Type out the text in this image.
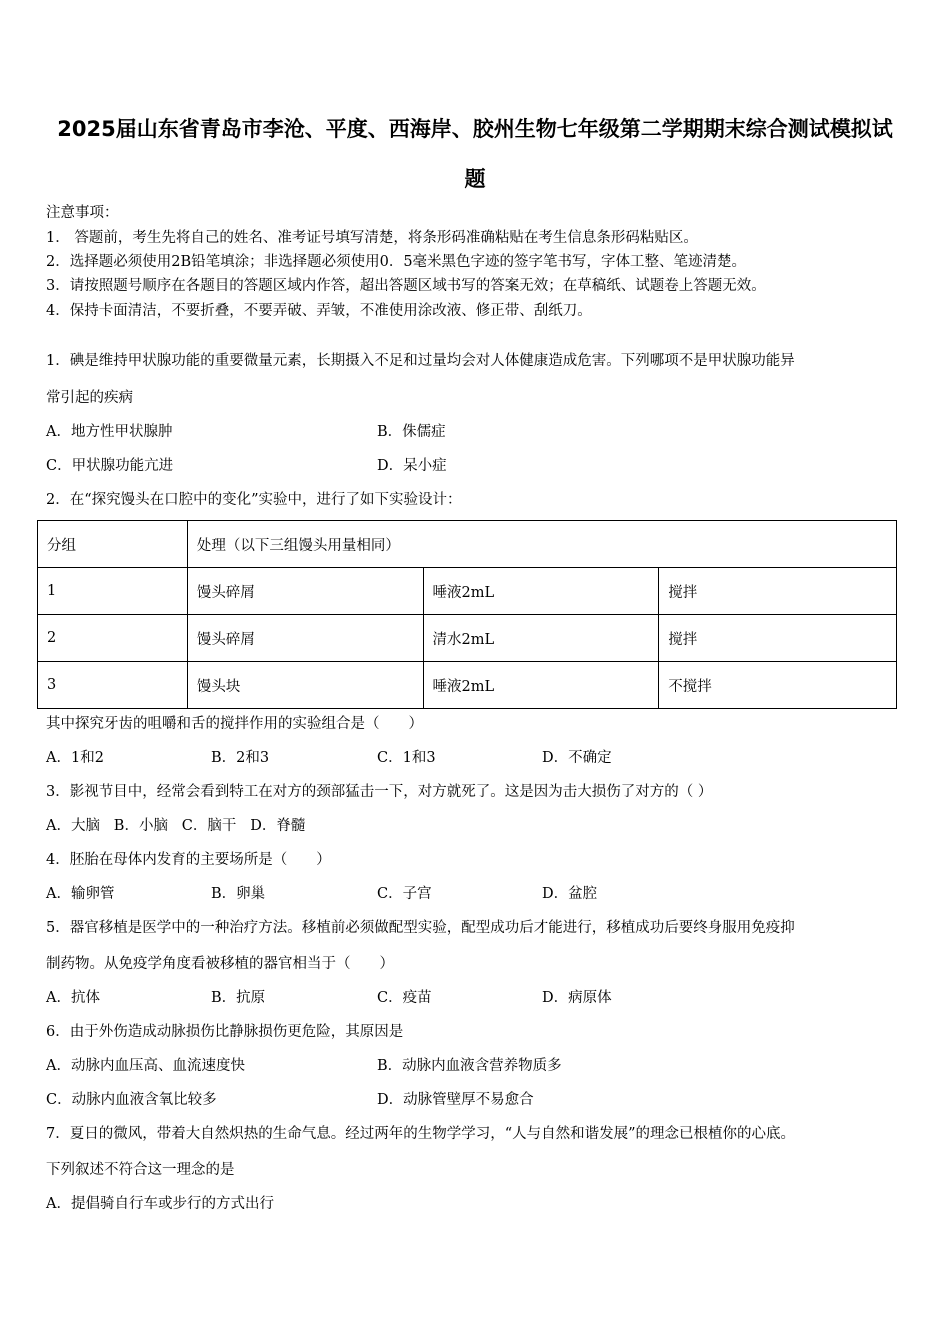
2025届山东省青岛市李沧、平度、西海岸、胶州生物七年级第二学期期末综合测试模拟试
题
注意事项：
1． 答题前，考生先将自己的姓名、准考证号填写清楚，将条形码准确粘贴在考生信息条形码粘贴区。
2．选择题必须使用2B铅笔填涂；非选择题必须使用0．5毫米黑色字迹的签字笔书写，字体工整、笔迹清楚。
3．请按照题号顺序在各题目的答题区域内作答，超出答题区域书写的答案无效；在草稿纸、试题卷上答题无效。
4．保持卡面清洁，不要折叠，不要弄破、弄皱，不准使用涂改液、修正带、刮纸刀。
1．碘是维持甲状腺功能的重要微量元素，长期摄入不足和过量均会对人体健康造成危害。下列哪项不是甲状腺功能异
常引起的疾病
A．地方性甲状腺肿	B．侏儒症
C．甲状腺功能亢进	D．呆小症
2．在“探究馒头在口腔中的变化”实验中，进行了如下实验设计：
分组	处理（以下三组馒头用量相同）		
1	馒头碎屑	唾液2mL	搅拌
2	馒头碎屑	清水2mL	搅拌
3	馒头块	唾液2mL	不搅拌
其中探究牙齿的咀嚼和舌的搅拌作用的实验组合是（　　）
A．1和2	B．2和3	C．1和3	D．不确定
3．影视节目中，经常会看到特工在对方的颈部猛击一下，对方就死了。这是因为击大损伤了对方的（ ）
A．大脑   B．小脑   C．脑干   D．脊髓
4．胚胎在母体内发育的主要场所是（　　）
A．输卵管	B．卵巢	C．子宫	D．盆腔
5．器官移植是医学中的一种治疗方法。移植前必须做配型实验，配型成功后才能进行，移植成功后要终身服用免疫抑
制药物。从免疫学角度看被移植的器官相当于（　　）
A．抗体	B．抗原	C．疫苗	D．病原体
6．由于外伤造成动脉损伤比静脉损伤更危险，其原因是
A．动脉内血压高、血流速度快	B．动脉内血液含营养物质多
C．动脉内血液含氧比较多	D．动脉管壁厚不易愈合
7．夏日的微风，带着大自然炽热的生命气息。经过两年的生物学学习，“人与自然和谐发展”的理念已根植你的心底。
下列叙述不符合这一理念的是
A．提倡骑自行车或步行的方式出行
